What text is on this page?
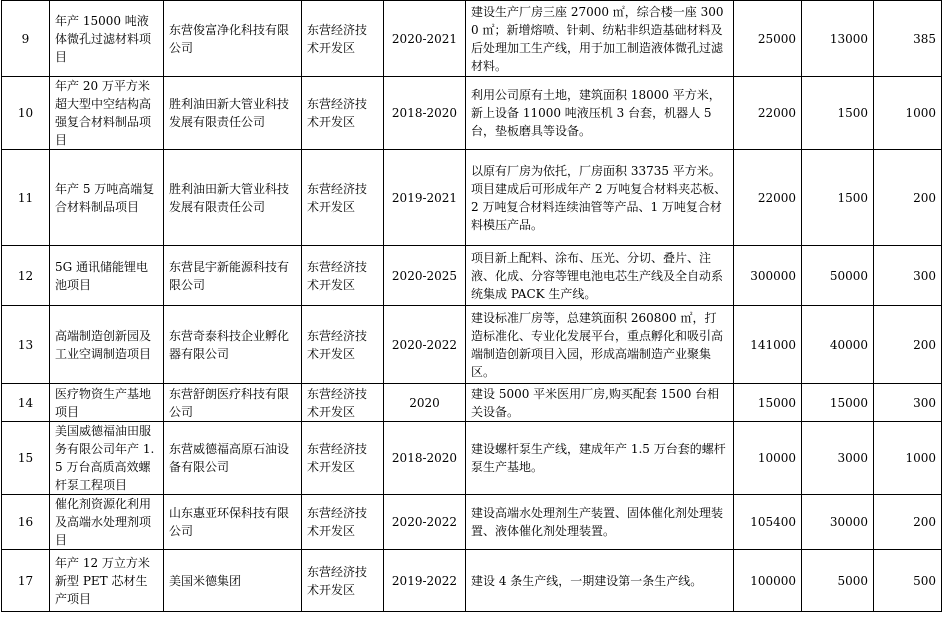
9	年产 15000 吨液体微孔过滤材料项目	东营俊富净化科技有限公司	东营经济技术开发区	2020-2021	建设生产厂房三座 27000 ㎡，综合楼一座 3000 ㎡；新增熔喷、针刺、纺粘非织造基础材料及后处理加工生产线，用于加工制造液体微孔过滤材料。	25000	13000	385
10	年产 20 万平方米超大型中空结构高强复合材料制品项目	胜利油田新大管业科技发展有限责任公司	东营经济技术开发区	2018-2020	利用公司原有土地，建筑面积 18000 平方米，新上设备 11000 吨液压机 3 台套，机器人 5 台，垫板磨具等设备。	22000	1500	1000
11	年产 5 万吨高端复合材料制品项目	胜利油田新大管业科技发展有限责任公司	东营经济技术开发区	2019-2021	以原有厂房为依托，厂房面积 33735 平方米。项目建成后可形成年产 2 万吨复合材料夹芯板、2 万吨复合材料连续油管等产品、1 万吨复合材料模压产品。	22000	1500	200
12	5G 通讯储能锂电池项目	东营昆宇新能源科技有限公司	东营经济技术开发区	2020-2025	项目新上配料、涂布、压光、分切、叠片、注液、化成、分容等锂电池电芯生产线及全自动系统集成 PACK 生产线。	300000	50000	300
13	高端制造创新园及工业空调制造项目	东营奇泰科技企业孵化器有限公司	东营经济技术开发区	2020-2022	建设标准厂房等，总建筑面积 260800 ㎡，打造标准化、专业化发展平台，重点孵化和吸引高端制造创新项目入园，形成高端制造产业聚集区。	141000	40000	200
14	医疗物资生产基地项目	东营舒朗医疗科技有限公司	东营经济技术开发区	2020	建设 5000 平米医用厂房,购买配套 1500 台相关设备。	15000	15000	300
15	美国威德福油田服务有限公司年产 1.5 万台高质高效螺杆泵工程项目	东营威德福高原石油设备有限公司	东营经济技术开发区	2018-2020	建设螺杆泵生产线，建成年产 1.5 万台套的螺杆泵生产基地。	10000	3000	1000
16	催化剂资源化利用及高端水处理剂项目	山东惠亚环保科技有限公司	东营经济技术开发区	2020-2022	建设高端水处理剂生产装置、固体催化剂处理装置、液体催化剂处理装置。	105400	30000	200
17	年产 12 万立方米新型 PET 芯材生产项目	美国米德集团	东营经济技术开发区	2019-2022	建设 4 条生产线，一期建设第一条生产线。	100000	5000	500
